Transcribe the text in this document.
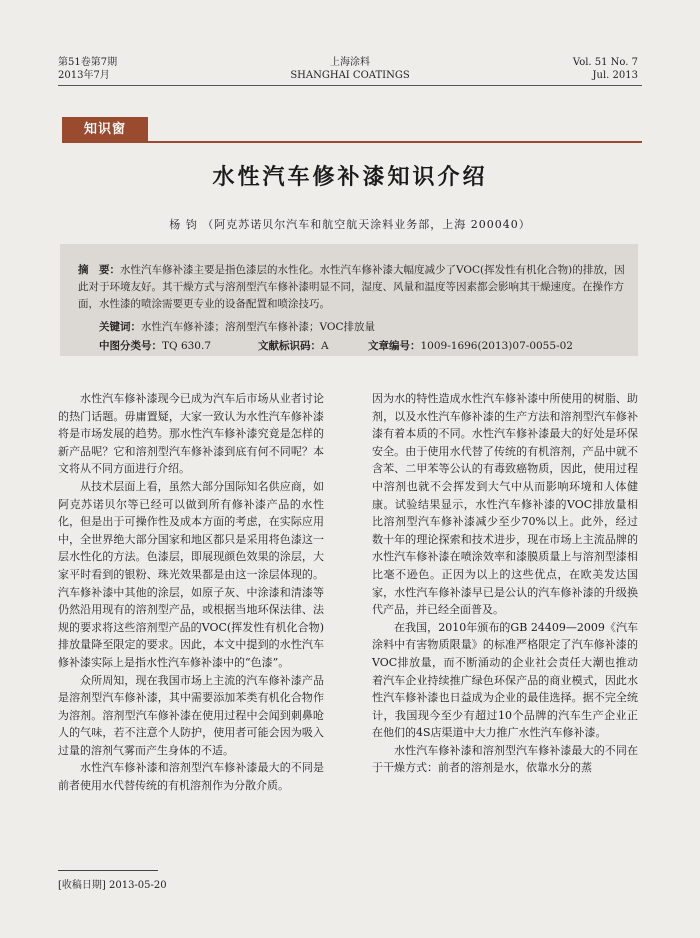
第51卷第7期
2013年7月
上海涂料
SHANGHAI COATINGS
Vol. 51 No. 7
Jul. 2013
知识窗
水性汽车修补漆知识介绍
杨 钧 （阿克苏诺贝尔汽车和航空航天涂料业务部，上海 200040）

摘　要：水性汽车修补漆主要是指色漆层的水性化。水性汽车修补漆大幅度减少了VOC(挥发性有机化合物)的排放，因此对于环境友好。其干燥方式与溶剂型汽车修补漆明显不同，湿度、风量和温度等因素都会影响其干燥速度。在操作方面，水性漆的喷涂需要更专业的设备配置和喷涂技巧。

关键词：水性汽车修补漆；溶剂型汽车修补漆；VOC排放量
中图分类号：TQ 630.7	文献标识码：A	文章编号：1009-1696(2013)07-0055-02

水性汽车修补漆现今已成为汽车后市场从业者讨论的热门话题。毋庸置疑，大家一致认为水性汽车修补漆将是市场发展的趋势。那水性汽车修补漆究竟是怎样的新产品呢？它和溶剂型汽车修补漆到底有何不同呢？本文将从不同方面进行介绍。

从技术层面上看，虽然大部分国际知名供应商，如阿克苏诺贝尔等已经可以做到所有修补漆产品的水性化，但是出于可操作性及成本方面的考虑，在实际应用中，全世界绝大部分国家和地区都只是采用将色漆这一层水性化的方法。色漆层，即展现颜色效果的涂层，大家平时看到的银粉、珠光效果都是由这一涂层体现的。汽车修补漆中其他的涂层，如原子灰、中涂漆和清漆等仍然沿用现有的溶剂型产品，或根据当地环保法律、法规的要求将这些溶剂型产品的VOC(挥发性有机化合物)排放量降至限定的要求。因此，本文中提到的水性汽车修补漆实际上是指水性汽车修补漆中的“色漆”。

众所周知，现在我国市场上主流的汽车修补漆产品是溶剂型汽车修补漆，其中需要添加苯类有机化合物作为溶剂。溶剂型汽车修补漆在使用过程中会闻到刺鼻呛人的气味，若不注意个人防护，使用者可能会因为吸入过量的溶剂气雾而产生身体的不适。

水性汽车修补漆和溶剂型汽车修补漆最大的不同是前者使用水代替传统的有机溶剂作为分散介质。

因为水的特性造成水性汽车修补漆中所使用的树脂、助剂，以及水性汽车修补漆的生产方法和溶剂型汽车修补漆有着本质的不同。水性汽车修补漆最大的好处是环保安全。由于使用水代替了传统的有机溶剂，产品中就不含苯、二甲苯等公认的有毒致癌物质，因此，使用过程中溶剂也就不会挥发到大气中从而影响环境和人体健康。试验结果显示，水性汽车修补漆的VOC排放量相比溶剂型汽车修补漆减少至少70%以上。此外，经过数十年的理论探索和技术进步，现在市场上主流品牌的水性汽车修补漆在喷涂效率和漆膜质量上与溶剂型漆相比毫不逊色。正因为以上的这些优点，在欧美发达国家，水性汽车修补漆早已是公认的汽车修补漆的升级换代产品，并已经全面普及。

在我国，2010年颁布的GB 24409—2009《汽车涂料中有害物质限量》的标准严格限定了汽车修补漆的VOC排放量，而不断涌动的企业社会责任大潮也推动着汽车企业持续推广绿色环保产品的商业模式，因此水性汽车修补漆也日益成为企业的最佳选择。据不完全统计，我国现今至少有超过10个品牌的汽车生产企业正在他们的4S店渠道中大力推广水性汽车修补漆。

水性汽车修补漆和溶剂型汽车修补漆最大的不同在于干燥方式：前者的溶剂是水，依靠水分的蒸

[收稿日期] 2013-05-20
